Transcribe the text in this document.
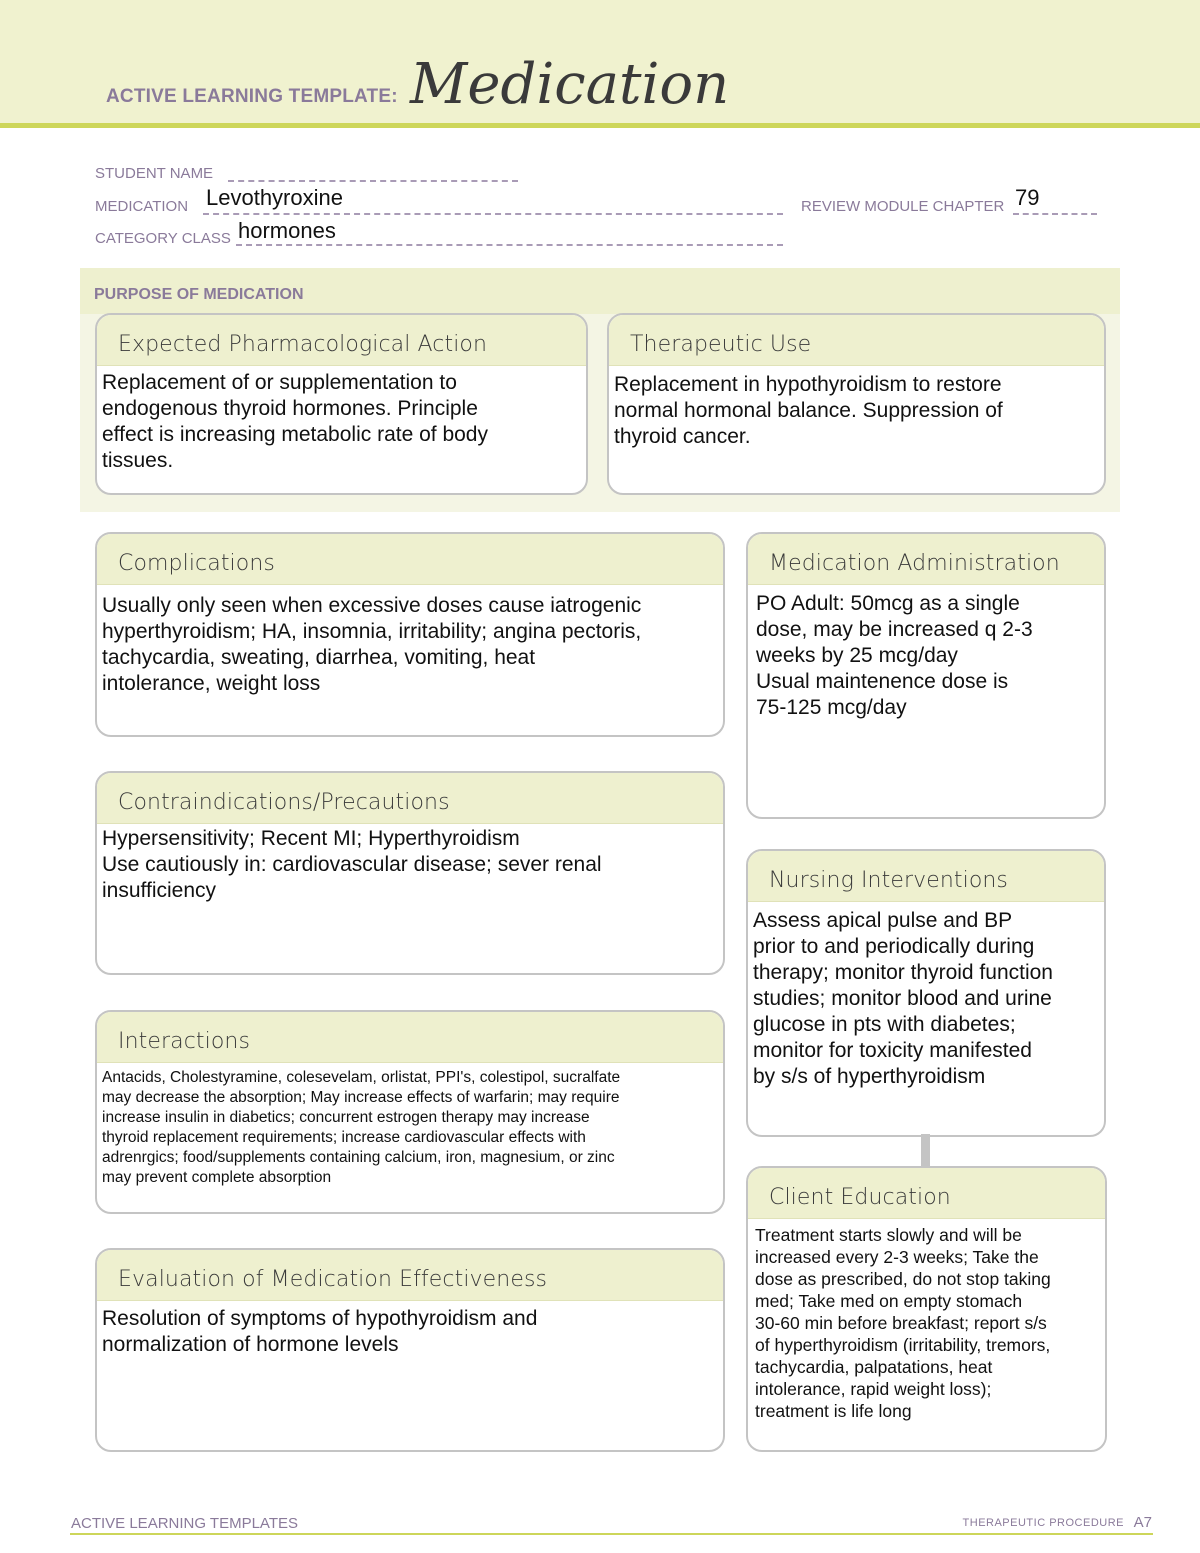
ACTIVE LEARNING TEMPLATE: Medication
STUDENT NAME
MEDICATION Levothyroxine
CATEGORY CLASS hormones
REVIEW MODULE CHAPTER 79
PURPOSE OF MEDICATION
Expected Pharmacological Action
Replacement of or supplementation to
endogenous thyroid hormones. Principle
effect is increasing metabolic rate of body
tissues.
Therapeutic Use
Replacement in hypothyroidism to restore
normal hormonal balance. Suppression of
thyroid cancer.
Complications
Usually only seen when excessive doses cause iatrogenic
hyperthyroidism; HA, insomnia, irritability; angina pectoris,
tachycardia, sweating, diarrhea, vomiting, heat
intolerance, weight loss
Medication Administration
PO Adult: 50mcg as a single
dose, may be increased q 2-3
weeks by 25 mcg/day
Usual maintenence dose is
75-125 mcg/day
Contraindications/Precautions
Hypersensitivity; Recent MI; Hyperthyroidism
Use cautiously in: cardiovascular disease; sever renal
insufficiency	Nursing Interventions
Assess apical pulse and BP
prior to and periodically during
therapy; monitor thyroid function
studies; monitor blood and urine
glucose in pts with diabetes;
monitor for toxicity manifested
by s/s of hyperthyroidism
Interactions
Antacids, Cholestyramine, colesevelam, orlistat, PPI's, colestipol, sucralfate
may decrease the absorption; May increase effects of warfarin; may require
increase insulin in diabetics; concurrent estrogen therapy may increase
thyroid replacement requirements; increase cardiovascular effects with
adrenrgics; food/supplements containing calcium, iron, magnesium, or zinc
may prevent complete absorption
Client Education
Treatment starts slowly and will be
increased every 2-3 weeks; Take the
dose as prescribed, do not stop taking
med; Take med on empty stomach
30-60 min before breakfast; report s/s
of hyperthyroidism (irritability, tremors,
tachycardia, palpatations, heat
intolerance, rapid weight loss);
treatment is life long
Evaluation of Medication Effectiveness
Resolution of symptoms of hypothyroidism and
normalization of hormone levels
ACTIVE LEARNING TEMPLATES	THERAPEUTIC PROCEDURE A7
